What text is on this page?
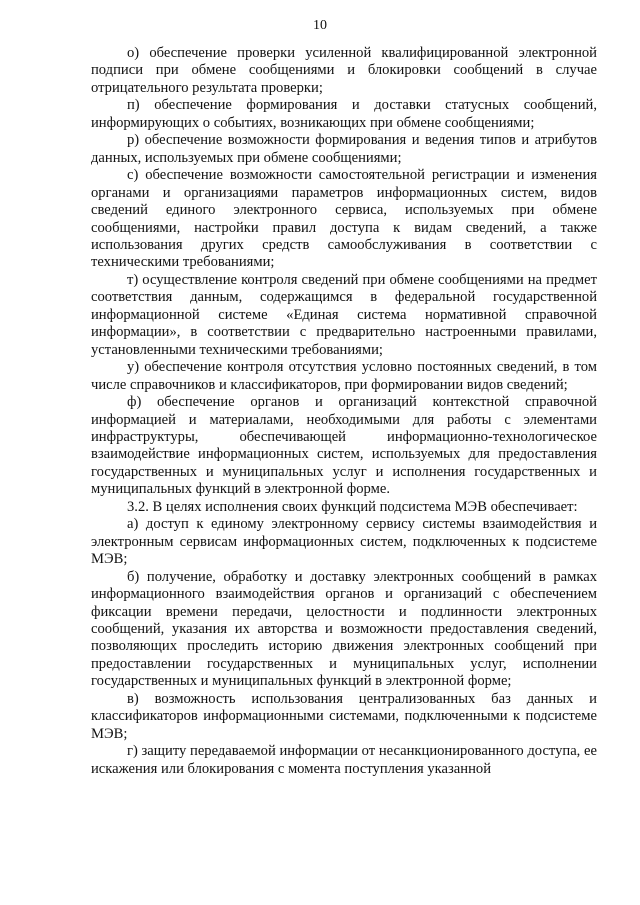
10

о) обеспечение проверки усиленной квалифицированной электронной подписи при обмене сообщениями и блокировки сообщений в случае отрицательного результата проверки;

п) обеспечение формирования и доставки статусных сообщений, информирующих о событиях, возникающих при обмене сообщениями;

р) обеспечение возможности формирования и ведения типов и атрибутов данных, используемых при обмене сообщениями;

с) обеспечение возможности самостоятельной регистрации и изменения органами и организациями параметров информационных систем, видов сведений единого электронного сервиса, используемых при обмене сообщениями, настройки правил доступа к видам сведений, а также использования других средств самообслуживания в соответствии с техническими требованиями;

т) осуществление контроля сведений при обмене сообщениями на предмет соответствия данным, содержащимся в федеральной государственной информационной системе «Единая система нормативной справочной информации», в соответствии с предварительно настроенными правилами, установленными техническими требованиями;

у) обеспечение контроля отсутствия условно постоянных сведений, в том числе справочников и классификаторов, при формировании видов сведений;

ф) обеспечение органов и организаций контекстной справочной информацией и материалами, необходимыми для работы с элементами инфраструктуры, обеспечивающей информационно-технологическое взаимодействие информационных систем, используемых для предоставления государственных и муниципальных услуг и исполнения государственных и муниципальных функций в электронной форме.

3.2. В целях исполнения своих функций подсистема МЭВ обеспечивает:

а) доступ к единому электронному сервису системы взаимодействия и электронным сервисам информационных систем, подключенных к подсистеме МЭВ;

б) получение, обработку и доставку электронных сообщений в рамках информационного взаимодействия органов и организаций с обеспечением фиксации времени передачи, целостности и подлинности электронных сообщений, указания их авторства и возможности предоставления сведений, позволяющих проследить историю движения электронных сообщений при предоставлении государственных и муниципальных услуг, исполнении государственных и муниципальных функций в электронной форме;

в) возможность использования централизованных баз данных и классификаторов информационными системами, подключенными к подсистеме МЭВ;

г) защиту передаваемой информации от несанкционированного доступа, ее искажения или блокирования с момента поступления указанной
